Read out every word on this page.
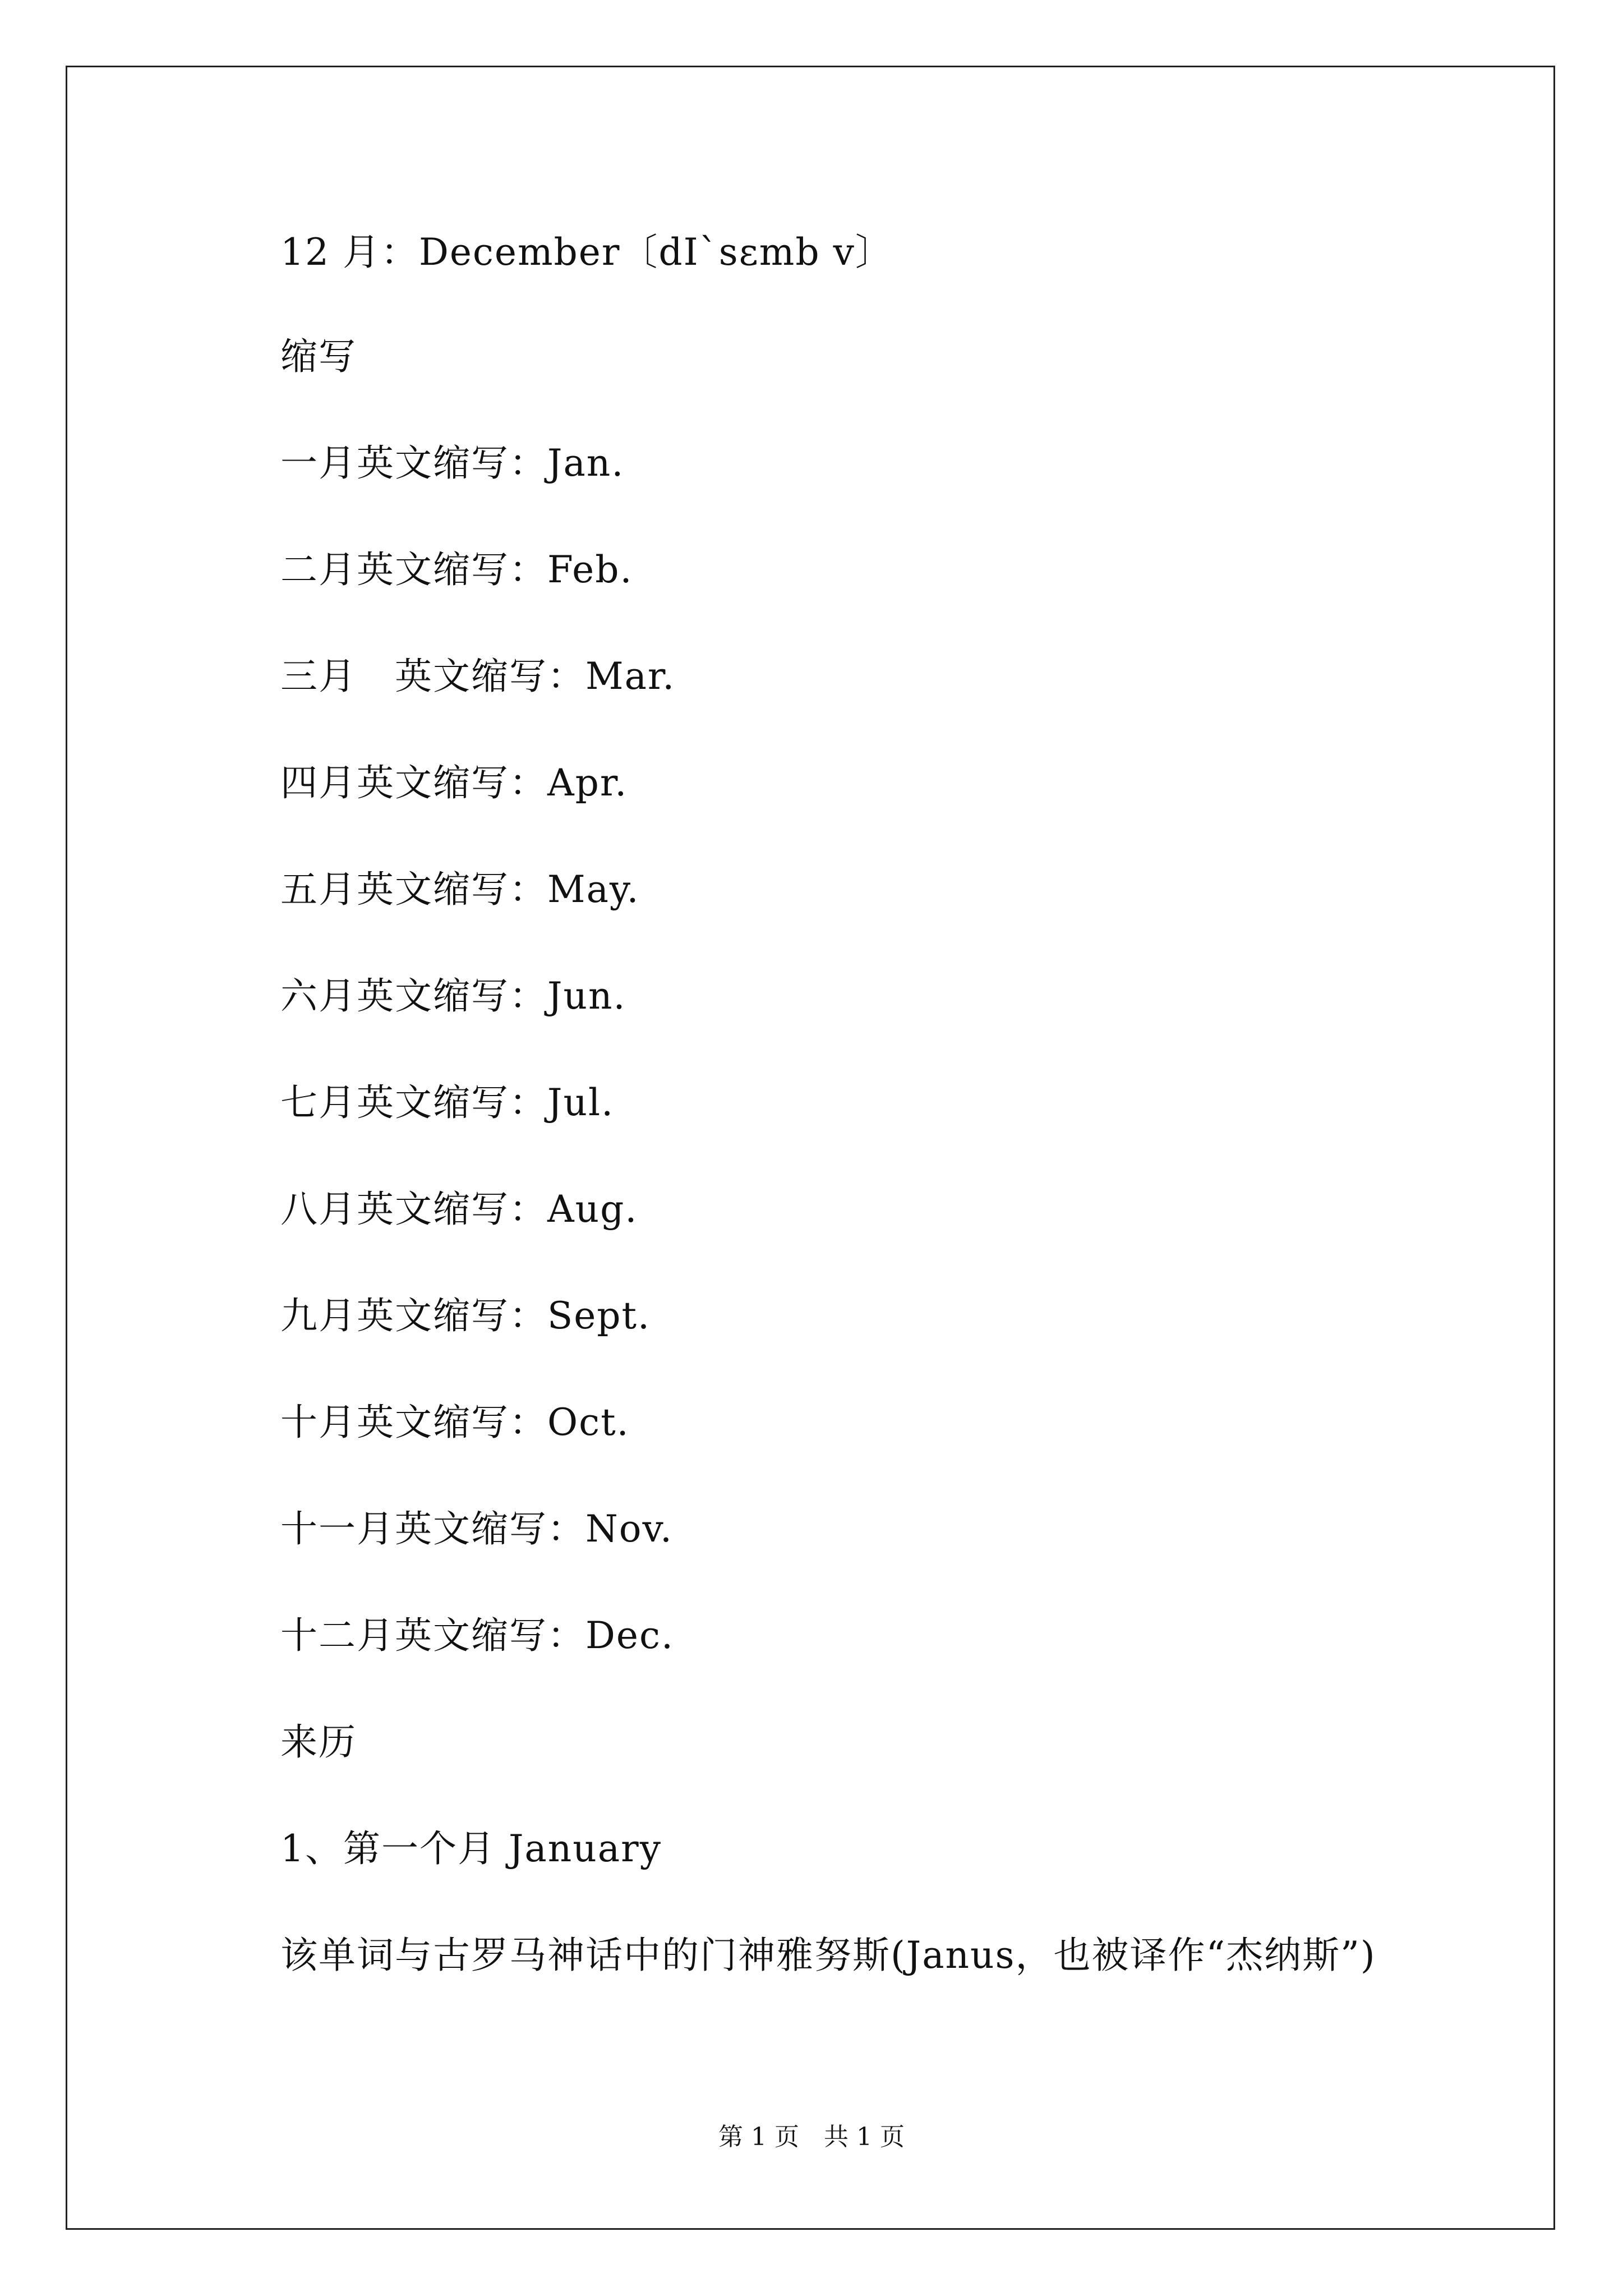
12 月：December〔dI`sεmb v〕
缩写
一月英文缩写：Jan.
二月英文缩写：Feb.
三月　英文缩写：Mar.
四月英文缩写：Apr.
五月英文缩写：May.
六月英文缩写：Jun.
七月英文缩写：Jul.
八月英文缩写：Aug.
九月英文缩写：Sept.
十月英文缩写：Oct.
十一月英文缩写：Nov.
十二月英文缩写：Dec.
来历
1、第一个月 January
该单词与古罗马神话中的门神雅努斯(Janus，也被译作“杰纳斯”)
第 1 页　共 1 页
